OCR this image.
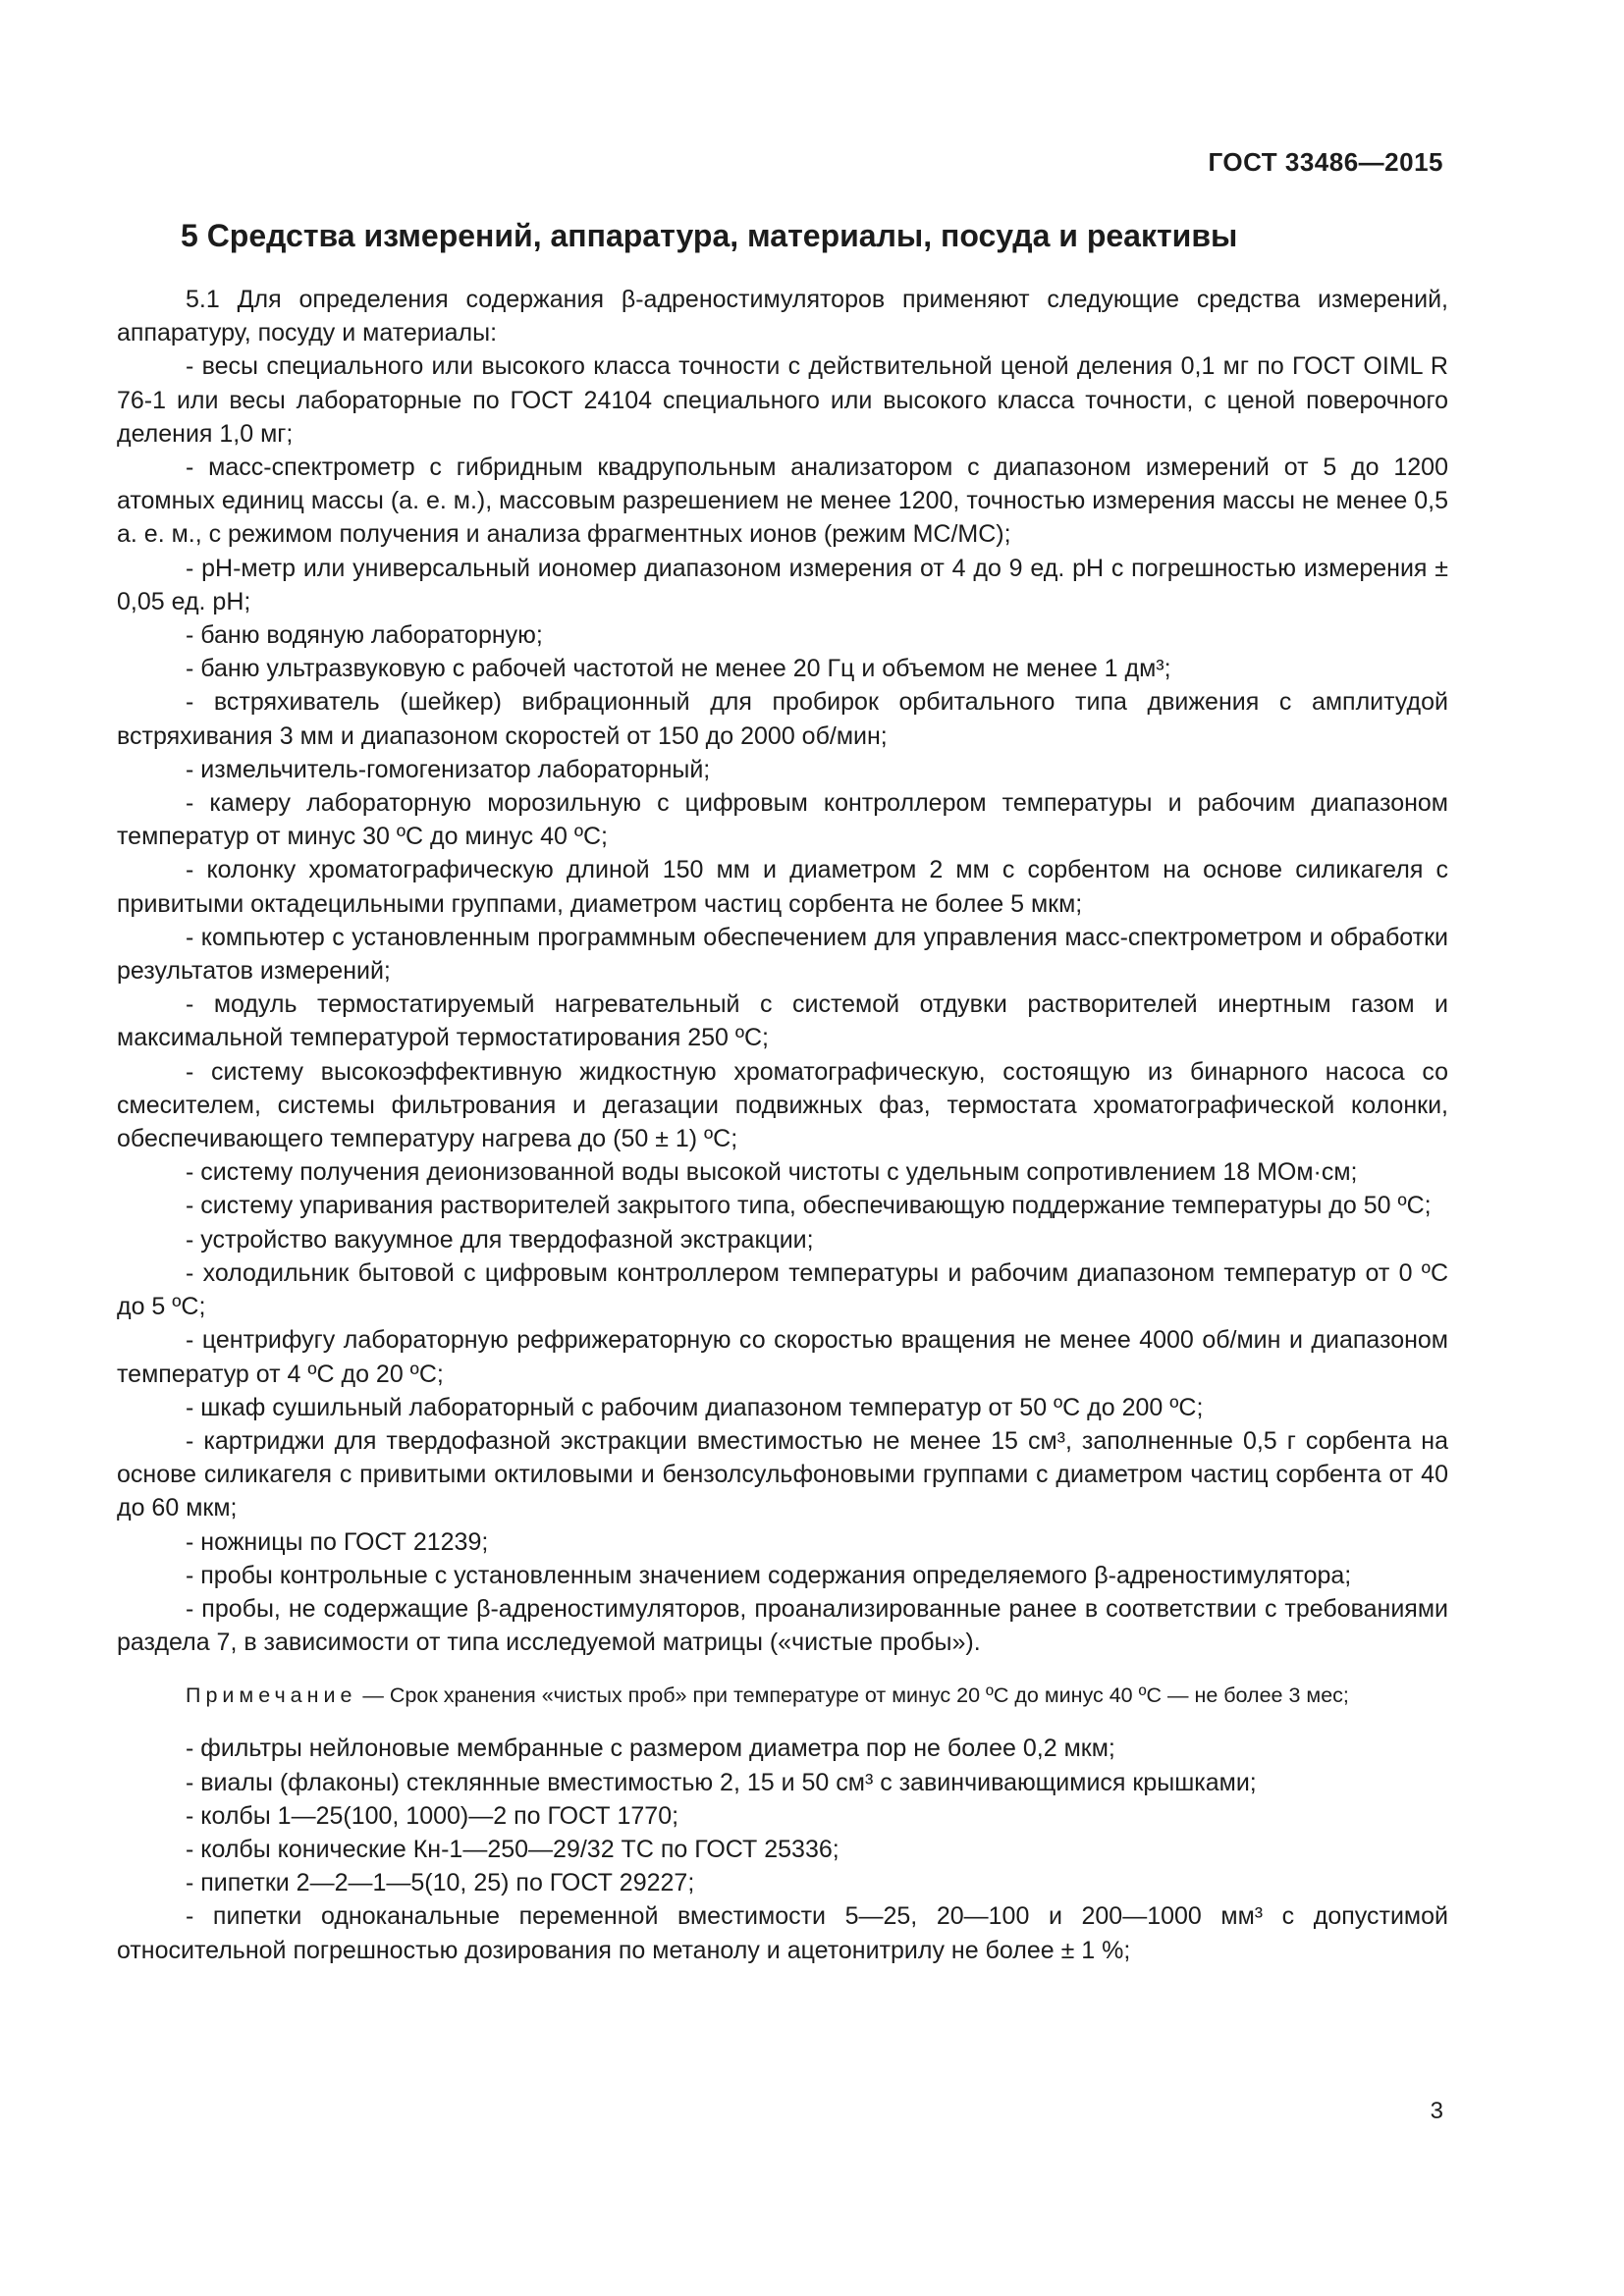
ГОСТ 33486—2015
5 Средства измерений, аппаратура, материалы, посуда и реактивы

5.1 Для определения содержания β-адреностимуляторов применяют следующие средства измерений, аппаратуру, посуду и материалы:

- весы специального или высокого класса точности с действительной ценой деления 0,1 мг по ГОСТ OIML R 76-1 или весы лабораторные по ГОСТ 24104 специального или высокого класса точности, с ценой поверочного деления 1,0 мг;

- масс-спектрометр с гибридным квадрупольным анализатором с диапазоном измерений от 5 до 1200 атомных единиц массы (а. е. м.), массовым разрешением не менее 1200, точностью измерения массы не менее 0,5 а. е. м., с режимом получения и анализа фрагментных ионов (режим МС/МС);

- pH-метр или универсальный иономер диапазоном измерения от 4 до 9 ед. pH с погрешностью измерения ± 0,05 ед. pH;

- баню водяную лабораторную;

- баню ультразвуковую с рабочей частотой не менее 20 Гц и объемом не менее 1 дм³;

- встряхиватель (шейкер) вибрационный для пробирок орбитального типа движения с амплитудой встряхивания 3 мм и диапазоном скоростей от 150 до 2000 об/мин;

- измельчитель-гомогенизатор лабораторный;

- камеру лабораторную морозильную с цифровым контроллером температуры и рабочим диапазоном температур от минус 30 ºС до минус 40 ºС;

- колонку хроматографическую длиной 150 мм и диаметром 2 мм с сорбентом на основе силикагеля с привитыми октадецильными группами, диаметром частиц сорбента не более 5 мкм;

- компьютер с установленным программным обеспечением для управления масс-спектрометром и обработки результатов измерений;

- модуль термостатируемый нагревательный с системой отдувки растворителей инертным газом и максимальной температурой термостатирования 250 ºС;

- систему высокоэффективную жидкостную хроматографическую, состоящую из бинарного насоса со смесителем, системы фильтрования и дегазации подвижных фаз, термостата хроматографической колонки, обеспечивающего температуру нагрева до (50 ± 1) ºС;

- систему получения деионизованной воды высокой чистоты с удельным сопротивлением 18 МОм·см;

- систему упаривания растворителей закрытого типа, обеспечивающую поддержание температуры до 50 ºС;

- устройство вакуумное для твердофазной экстракции;

- холодильник бытовой с цифровым контроллером температуры и рабочим диапазоном температур от 0 ºС до 5 ºС;

- центрифугу лабораторную рефрижераторную со скоростью вращения не менее 4000 об/мин и диапазоном температур от 4 ºС до 20 ºС;

- шкаф сушильный лабораторный с рабочим диапазоном температур от 50 ºС до 200 ºС;

- картриджи для твердофазной экстракции вместимостью не менее 15 см³, заполненные 0,5 г сорбента на основе силикагеля с привитыми октиловыми и бензолсульфоновыми группами с диаметром частиц сорбента от 40 до 60 мкм;

- ножницы по ГОСТ 21239;

- пробы контрольные с установленным значением содержания определяемого β-адреностимулятора;

- пробы, не содержащие β-адреностимуляторов, проанализированные ранее в соответствии с требованиями раздела 7, в зависимости от типа исследуемой матрицы («чистые пробы»).

Примечание — Срок хранения «чистых проб» при температуре от минус 20 ºС до минус 40 ºС — не более 3 мес;

- фильтры нейлоновые мембранные с размером диаметра пор не более 0,2 мкм;

- виалы (флаконы) стеклянные вместимостью 2, 15 и 50 см³ с завинчивающимися крышками;

- колбы 1—25(100, 1000)—2 по ГОСТ 1770;

- колбы конические Кн-1—250—29/32 ТС по ГОСТ 25336;

- пипетки 2—2—1—5(10, 25) по ГОСТ 29227;

- пипетки одноканальные переменной вместимости 5—25, 20—100 и 200—1000 мм³ с допустимой относительной погрешностью дозирования по метанолу и ацетонитрилу не более ± 1 %;

3
